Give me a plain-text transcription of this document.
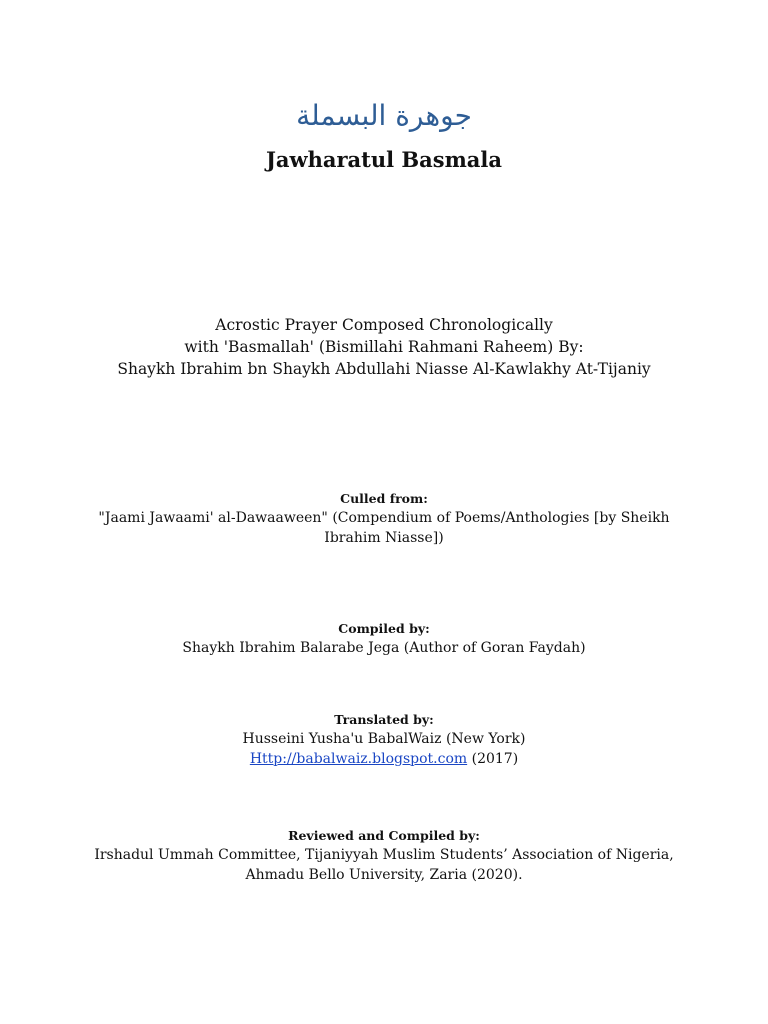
جوهرة البسملة
Jawharatul Basmala
Acrostic Prayer Composed Chronologically
with 'Basmallah' (Bismillahi Rahmani Raheem) By:
Shaykh Ibrahim bn Shaykh Abdullahi Niasse Al-Kawlakhy At-Tijaniy
Culled from:
"Jaami Jawaami' al-Dawaaween" (Compendium of Poems/Anthologies [by Sheikh
Ibrahim Niasse])
Compiled by:
Shaykh Ibrahim Balarabe Jega (Author of Goran Faydah)
Translated by:
Husseini Yusha'u BabalWaiz (New York)
Http://babalwaiz.blogspot.com (2017)
Reviewed and Compiled by:
Irshadul Ummah Committee, Tijaniyyah Muslim Students’ Association of Nigeria,
Ahmadu Bello University, Zaria (2020).
